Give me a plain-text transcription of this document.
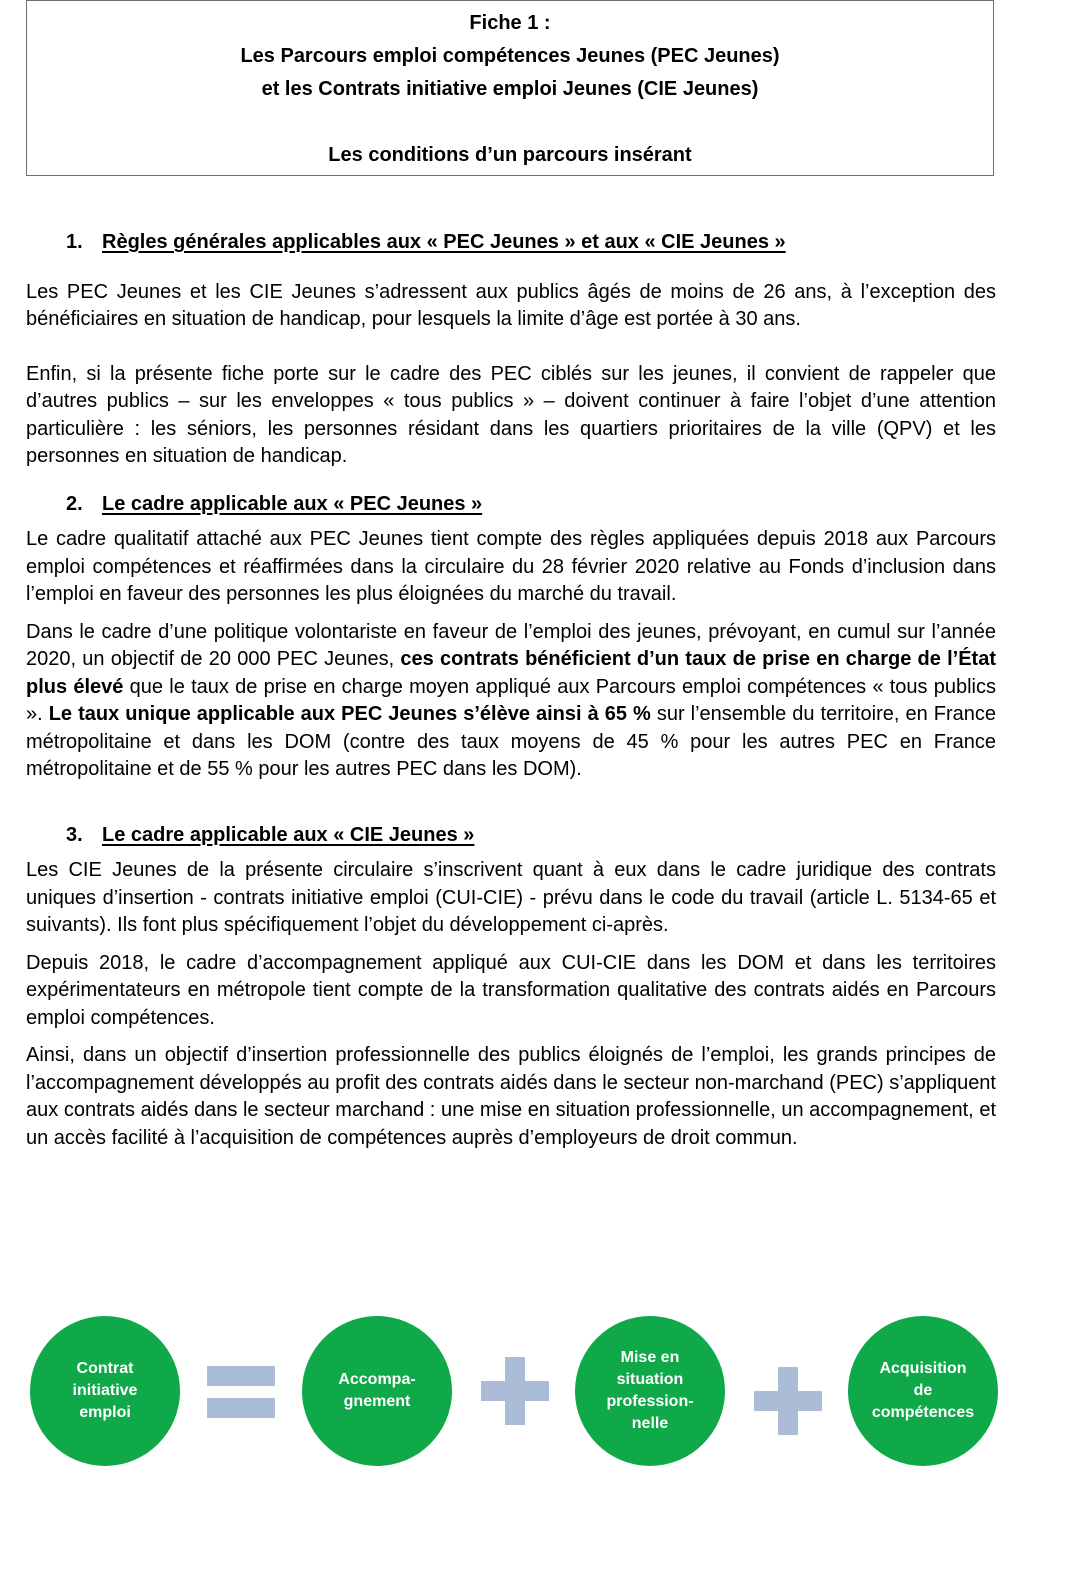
Fiche 1 :
Les Parcours emploi compétences Jeunes (PEC Jeunes)
et les Contrats initiative emploi Jeunes (CIE Jeunes)
Les conditions d’un parcours insérant
1. Règles générales applicables aux « PEC Jeunes » et aux « CIE Jeunes »

Les PEC Jeunes et les CIE Jeunes s’adressent aux publics âgés de moins de 26 ans, à l’exception des bénéficiaires en situation de handicap, pour lesquels la limite d’âge est portée à 30 ans.

Enfin, si la présente fiche porte sur le cadre des PEC ciblés sur les jeunes, il convient de rappeler que d’autres publics – sur les enveloppes « tous publics » – doivent continuer à faire l’objet d’une attention particulière : les séniors, les personnes résidant dans les quartiers prioritaires de la ville (QPV) et les personnes en situation de handicap.

2. Le cadre applicable aux « PEC Jeunes »

Le cadre qualitatif attaché aux PEC Jeunes tient compte des règles appliquées depuis 2018 aux Parcours emploi compétences et réaffirmées dans la circulaire du 28 février 2020 relative au Fonds d’inclusion dans l’emploi en faveur des personnes les plus éloignées du marché du travail.

Dans le cadre d’une politique volontariste en faveur de l’emploi des jeunes, prévoyant, en cumul sur l’année 2020, un objectif de 20 000 PEC Jeunes, ces contrats bénéficient d’un taux de prise en charge de l’État plus élevé que le taux de prise en charge moyen appliqué aux Parcours emploi compétences « tous publics ». Le taux unique applicable aux PEC Jeunes s’élève ainsi à 65 % sur l’ensemble du territoire, en France métropolitaine et dans les DOM (contre des taux moyens de 45 % pour les autres PEC en France métropolitaine et de 55 % pour les autres PEC dans les DOM).

3. Le cadre applicable aux « CIE Jeunes »

Les CIE Jeunes de la présente circulaire s’inscrivent quant à eux dans le cadre juridique des contrats uniques d’insertion - contrats initiative emploi (CUI-CIE) - prévu dans le code du travail (article L. 5134-65 et suivants). Ils font plus spécifiquement l’objet du développement ci-après.

Depuis 2018, le cadre d’accompagnement appliqué aux CUI-CIE dans les DOM et dans les territoires expérimentateurs en métropole tient compte de la transformation qualitative des contrats aidés en Parcours emploi compétences.

Ainsi, dans un objectif d’insertion professionnelle des publics éloignés de l’emploi, les grands principes de l’accompagnement développés au profit des contrats aidés dans le secteur non-marchand (PEC) s’appliquent aux contrats aidés dans le secteur marchand : une mise en situation professionnelle, un accompagnement, et un accès facilité à l’acquisition de compétences auprès d’employeurs de droit commun.

Contrat
initiative
emploi
Accompa-
gnement
Mise en
situation
profession-
nelle
Acquisition
de
compétences
